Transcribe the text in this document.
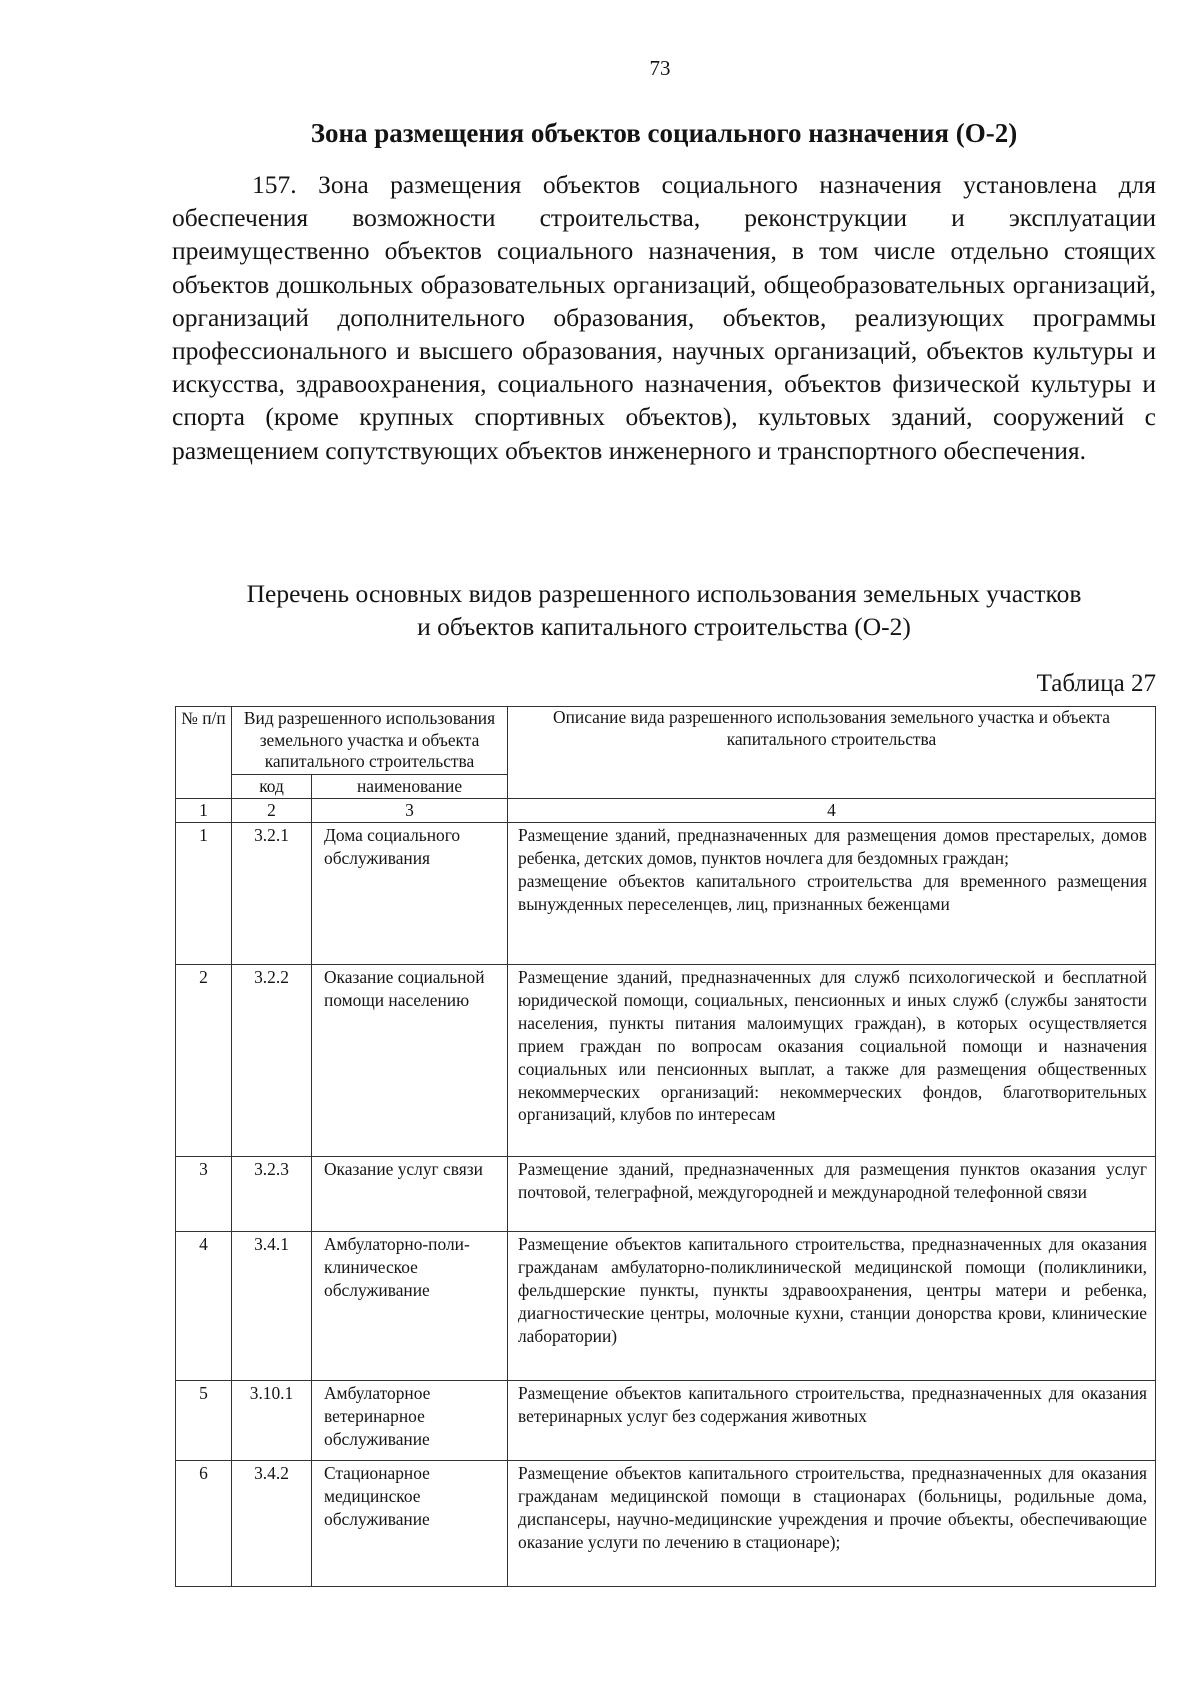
73
Зона размещения объектов социального назначения (О-2)

157. Зона размещения объектов социального назначения установлена для обеспечения возможности строительства, реконструкции и эксплуатации преимущественно объектов социального назначения, в том числе отдельно стоящих объектов дошкольных образовательных организаций, общеобразовательных организаций, организаций дополнительного образования, объектов, реализующих программы профессионального и высшего образования, научных организаций, объектов культуры и искусства, здравоохранения, социального назначения, объектов физической культуры и спорта (кроме крупных спортивных объектов), культовых зданий, сооружений с размещением сопутствующих объектов инженерного и транспортного обеспечения.

Перечень основных видов разрешенного использования земельных участков
и объектов капитального строительства (О-2)
Таблица 27
№ п/п	Вид разрешенного использования земельного участка и объекта капитального строительства		Описание вида разрешенного использования земельного участка и объекта капитального строительства
	код	наименование	
1	2	3	4
1	3.2.1	Дома социального обслуживания	Размещение зданий, предназначенных для размещения домов престарелых, домов ребенка, детских домов, пунктов ночлега для бездомных граждан;
размещение объектов капитального строительства для временного размещения вынужденных переселенцев, лиц, признанных беженцами

2	3.2.2	Оказание социальной помощи населению	Размещение зданий, предназначенных для служб психологической и бесплатной юридической помощи, социальных, пенсионных и иных служб (службы занятости населения, пункты питания малоимущих граждан), в которых осуществляется прием граждан по вопросам оказания социальной помощи и назначения социальных или пенсионных выплат, а также для размещения общественных некоммерческих организаций: некоммерческих фондов, благотворительных организаций, клубов по интересам
3	3.2.3	Оказание услуг связи	Размещение зданий, предназначенных для размещения пунктов оказания услуг почтовой, телеграфной, междугородней и международной телефонной связи
4	3.4.1	Амбулаторно-поли-клиническое обслуживание	Размещение объектов капитального строительства, предназначенных для оказания гражданам амбулаторно-поликлинической медицинской помощи (поликлиники, фельдшерские пункты, пункты здравоохранения, центры матери и ребенка, диагностические центры, молочные кухни, станции донорства крови, клинические лаборатории)
5	3.10.1	Амбулаторное ветеринарное обслуживание	Размещение объектов капитального строительства, предназначенных для оказания ветеринарных услуг без содержания животных
6	3.4.2	Стационарное медицинское обслуживание	Размещение объектов капитального строительства, предназначенных для оказания гражданам медицинской помощи в стационарах (больницы, родильные дома, диспансеры, научно-медицинские учреждения и прочие объекты, обеспечивающие оказание услуги по лечению в стационаре);
